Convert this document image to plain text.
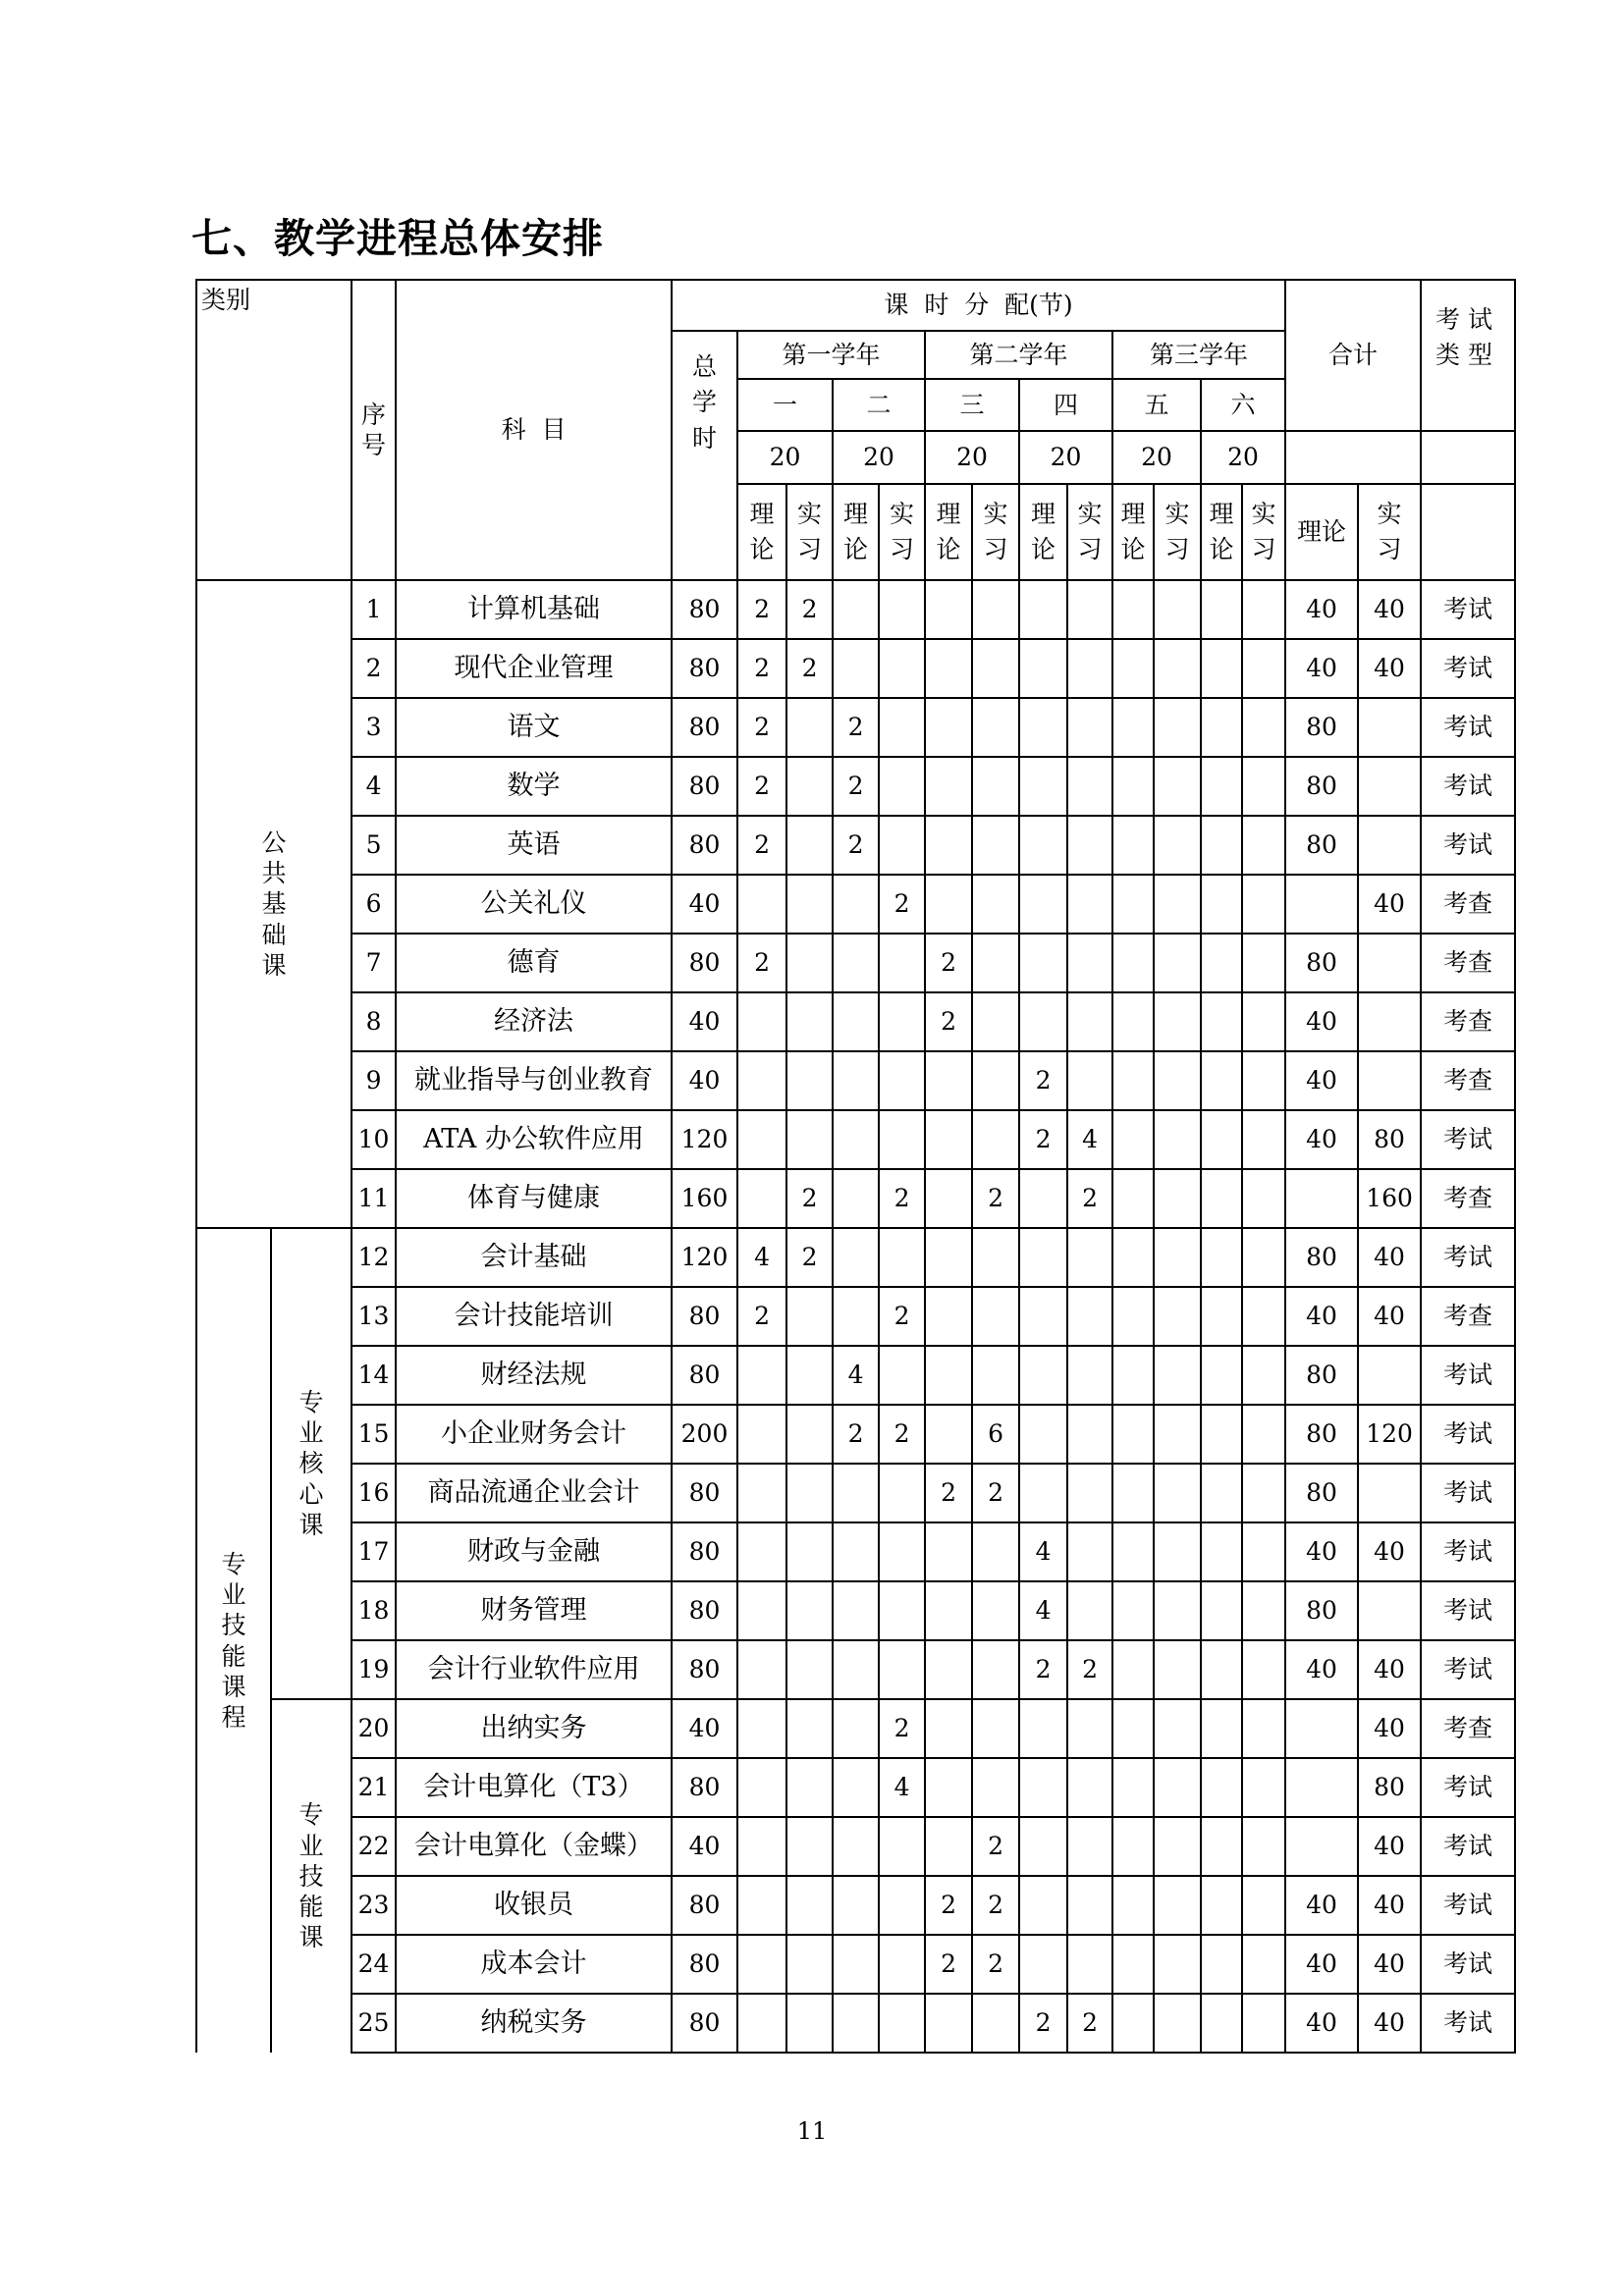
七、教学进程总体安排
类别		序号	科  目	课  时  分  配(节)													合计		考试类型
				总学时	第一学年				第二学年				第三学年						
					一		二		三		四		五		六				
					20		20		20		20		20		20				
					理论	实习	理论	实习	理论	实习	理论	实习	理论	实习	理论	实习	理论	实习	
公共基础课		1	计算机基础	80	2	2											40	40	考试
		2	现代企业管理	80	2	2											40	40	考试
		3	语文	80	2		2										80		考试
		4	数学	80	2		2										80		考试
		5	英语	80	2		2										80		考试
		6	公关礼仪	40				2										40	考查
		7	德育	80	2				2								80		考查
		8	经济法	40					2								40		考查
		9	就业指导与创业教育	40							2						40		考查
		10	ATA 办公软件应用	120							2	4					40	80	考试
		11	体育与健康	160		2		2		2		2						160	考查
专业技能课程	专业核心课	12	会计基础	120	4	2											80	40	考试
		13	会计技能培训	80	2			2									40	40	考查
		14	财经法规	80			4										80		考试
		15	小企业财务会计	200			2	2		6							80	120	考试
		16	商品流通企业会计	80					2	2							80		考试
		17	财政与金融	80							4						40	40	考试
		18	财务管理	80							4						80		考试
		19	会计行业软件应用	80							2	2					40	40	考试
	专业技能课	20	出纳实务	40				2										40	考查
		21	会计电算化（T3）	80				4										80	考试
		22	会计电算化（金蝶）	40						2								40	考试
		23	收银员	80					2	2							40	40	考试
		24	成本会计	80					2	2							40	40	考试
		25	纳税实务	80							2	2					40	40	考试

11
